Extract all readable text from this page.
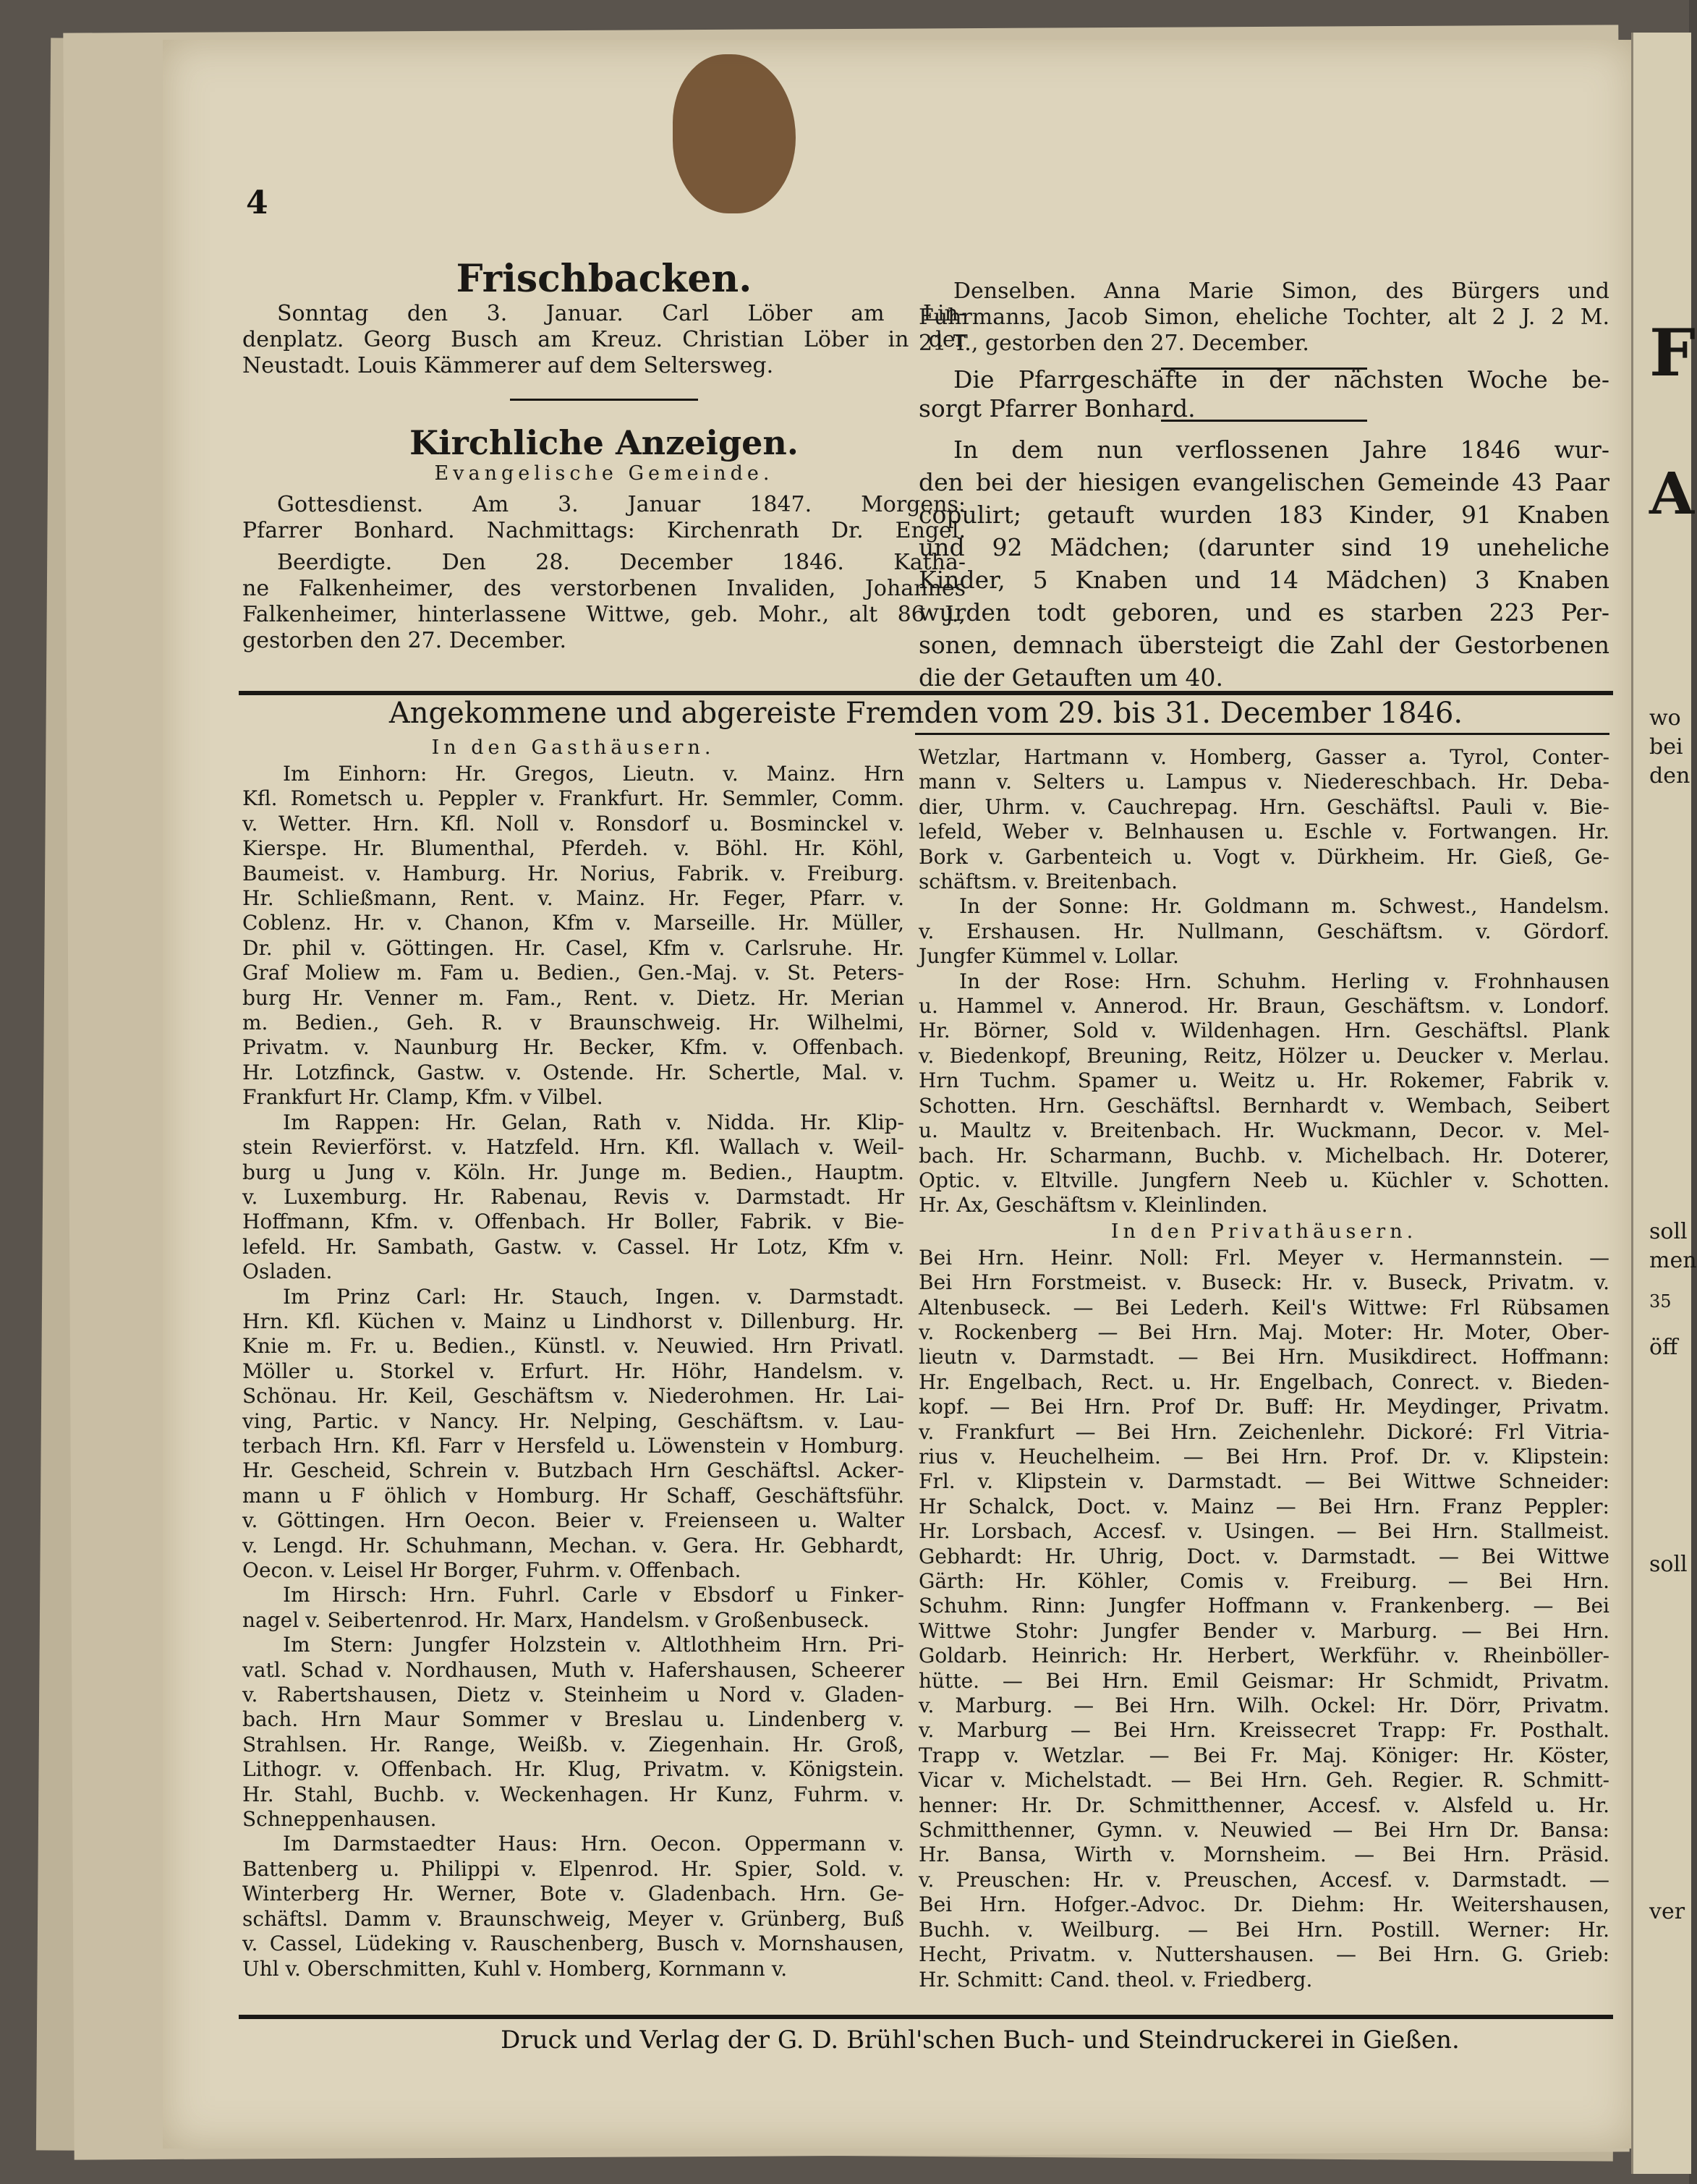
4
Frischbacken.
Sonntag den 3. Januar. Carl Löber am Lin-
denplatz. Georg Busch am Kreuz. Christian Löber in der
Neustadt. Louis Kämmerer auf dem Seltersweg.
Kirchliche Anzeigen.
Evangelische Gemeinde.
Gottesdienst. Am 3. Januar 1847. Morgens:
Pfarrer Bonhard. Nachmittags: Kirchenrath Dr. Engel.
Beerdigte. Den 28. December 1846. Katha-
ne Falkenheimer, des verstorbenen Invaliden, Johannes
Falkenheimer, hinterlassene Wittwe, geb. Mohr., alt 86 J.,
gestorben den 27. December.
Denselben. Anna Marie Simon, des Bürgers und
Fuhrmanns, Jacob Simon, eheliche Tochter, alt 2 J. 2 M.
21 T., gestorben den 27. December.
Die Pfarrgeschäfte in der nächsten Woche be-
sorgt Pfarrer Bonhard.
In dem nun verflossenen Jahre 1846 wur-
den bei der hiesigen evangelischen Gemeinde 43 Paar
copulirt; getauft wurden 183 Kinder, 91 Knaben
und 92 Mädchen; (darunter sind 19 uneheliche
Kinder, 5 Knaben und 14 Mädchen) 3 Knaben
wurden todt geboren, und es starben 223 Per-
sonen, demnach übersteigt die Zahl der Gestorbenen
die der Getauften um 40.
Angekommene und abgereiste Fremden vom 29. bis 31. December 1846.
In den Gasthäusern.
Im Einhorn: Hr. Gregos, Lieutn. v. Mainz. Hrn
Kfl. Rometsch u. Peppler v. Frankfurt. Hr. Semmler, Comm.
v. Wetter. Hrn. Kfl. Noll v. Ronsdorf u. Bosminckel v.
Kierspe. Hr. Blumenthal, Pferdeh. v. Böhl. Hr. Köhl,
Baumeist. v. Hamburg. Hr. Norius, Fabrik. v. Freiburg.
Hr. Schließmann, Rent. v. Mainz. Hr. Feger, Pfarr. v.
Coblenz. Hr. v. Chanon, Kfm v. Marseille. Hr. Müller,
Dr. phil v. Göttingen. Hr. Casel, Kfm v. Carlsruhe. Hr.
Graf Moliew m. Fam u. Bedien., Gen.-Maj. v. St. Peters-
burg Hr. Venner m. Fam., Rent. v. Dietz. Hr. Merian
m. Bedien., Geh. R. v Braunschweig. Hr. Wilhelmi,
Privatm. v. Naunburg Hr. Becker, Kfm. v. Offenbach.
Hr. Lotzfinck, Gastw. v. Ostende. Hr. Schertle, Mal. v.
Frankfurt Hr. Clamp, Kfm. v Vilbel.
Im Rappen: Hr. Gelan, Rath v. Nidda. Hr. Klip-
stein Revierförst. v. Hatzfeld. Hrn. Kfl. Wallach v. Weil-
burg u Jung v. Köln. Hr. Junge m. Bedien., Hauptm.
v. Luxemburg. Hr. Rabenau, Revis v. Darmstadt. Hr
Hoffmann, Kfm. v. Offenbach. Hr Boller, Fabrik. v Bie-
lefeld. Hr. Sambath, Gastw. v. Cassel. Hr Lotz, Kfm v.
Osladen.
Im Prinz Carl: Hr. Stauch, Ingen. v. Darmstadt.
Hrn. Kfl. Küchen v. Mainz u Lindhorst v. Dillenburg. Hr.
Knie m. Fr. u. Bedien., Künstl. v. Neuwied. Hrn Privatl.
Möller u. Storkel v. Erfurt. Hr. Höhr, Handelsm. v.
Schönau. Hr. Keil, Geschäftsm v. Niederohmen. Hr. Lai-
ving, Partic. v Nancy. Hr. Nelping, Geschäftsm. v. Lau-
terbach Hrn. Kfl. Farr v Hersfeld u. Löwenstein v Homburg.
Hr. Gescheid, Schrein v. Butzbach Hrn Geschäftsl. Acker-
mann u F öhlich v Homburg. Hr Schaff, Geschäftsführ.
v. Göttingen. Hrn Oecon. Beier v. Freienseen u. Walter
v. Lengd. Hr. Schuhmann, Mechan. v. Gera. Hr. Gebhardt,
Oecon. v. Leisel Hr Borger, Fuhrm. v. Offenbach.
Im Hirsch: Hrn. Fuhrl. Carle v Ebsdorf u Finker-
nagel v. Seibertenrod. Hr. Marx, Handelsm. v Großenbuseck.
Im Stern: Jungfer Holzstein v. Altlothheim Hrn. Pri-
vatl. Schad v. Nordhausen, Muth v. Hafershausen, Scheerer
v. Rabertshausen, Dietz v. Steinheim u Nord v. Gladen-
bach. Hrn Maur Sommer v Breslau u. Lindenberg v.
Strahlsen. Hr. Range, Weißb. v. Ziegenhain. Hr. Groß,
Lithogr. v. Offenbach. Hr. Klug, Privatm. v. Königstein.
Hr. Stahl, Buchb. v. Weckenhagen. Hr Kunz, Fuhrm. v.
Schneppenhausen.
Im Darmstaedter Haus: Hrn. Oecon. Oppermann v.
Battenberg u. Philippi v. Elpenrod. Hr. Spier, Sold. v.
Winterberg Hr. Werner, Bote v. Gladenbach. Hrn. Ge-
schäftsl. Damm v. Braunschweig, Meyer v. Grünberg, Buß
v. Cassel, Lüdeking v. Rauschenberg, Busch v. Mornshausen,
Uhl v. Oberschmitten, Kuhl v. Homberg, Kornmann v.
Wetzlar, Hartmann v. Homberg, Gasser a. Tyrol, Conter-
mann v. Selters u. Lampus v. Niedereschbach. Hr. Deba-
dier, Uhrm. v. Cauchrepag. Hrn. Geschäftsl. Pauli v. Bie-
lefeld, Weber v. Belnhausen u. Eschle v. Fortwangen. Hr.
Bork v. Garbenteich u. Vogt v. Dürkheim. Hr. Gieß, Ge-
schäftsm. v. Breitenbach.
In der Sonne: Hr. Goldmann m. Schwest., Handelsm.
v. Ershausen. Hr. Nullmann, Geschäftsm. v. Gördorf.
Jungfer Kümmel v. Lollar.
In der Rose: Hrn. Schuhm. Herling v. Frohnhausen
u. Hammel v. Annerod. Hr. Braun, Geschäftsm. v. Londorf.
Hr. Börner, Sold v. Wildenhagen. Hrn. Geschäftsl. Plank
v. Biedenkopf, Breuning, Reitz, Hölzer u. Deucker v. Merlau.
Hrn Tuchm. Spamer u. Weitz u. Hr. Rokemer, Fabrik v.
Schotten. Hrn. Geschäftsl. Bernhardt v. Wembach, Seibert
u. Maultz v. Breitenbach. Hr. Wuckmann, Decor. v. Mel-
bach. Hr. Scharmann, Buchb. v. Michelbach. Hr. Doterer,
Optic. v. Eltville. Jungfern Neeb u. Küchler v. Schotten.
Hr. Ax, Geschäftsm v. Kleinlinden.
In den Privathäusern.
Bei Hrn. Heinr. Noll: Frl. Meyer v. Hermannstein. —
Bei Hrn Forstmeist. v. Buseck: Hr. v. Buseck, Privatm. v.
Altenbuseck. — Bei Lederh. Keil's Wittwe: Frl Rübsamen
v. Rockenberg — Bei Hrn. Maj. Moter: Hr. Moter, Ober-
lieutn v. Darmstadt. — Bei Hrn. Musikdirect. Hoffmann:
Hr. Engelbach, Rect. u. Hr. Engelbach, Conrect. v. Bieden-
kopf. — Bei Hrn. Prof Dr. Buff: Hr. Meydinger, Privatm.
v. Frankfurt — Bei Hrn. Zeichenlehr. Dickoré: Frl Vitria-
rius v. Heuchelheim. — Bei Hrn. Prof. Dr. v. Klipstein:
Frl. v. Klipstein v. Darmstadt. — Bei Wittwe Schneider:
Hr Schalck, Doct. v. Mainz — Bei Hrn. Franz Peppler:
Hr. Lorsbach, Accesf. v. Usingen. — Bei Hrn. Stallmeist.
Gebhardt: Hr. Uhrig, Doct. v. Darmstadt. — Bei Wittwe
Gärth: Hr. Köhler, Comis v. Freiburg. — Bei Hrn.
Schuhm. Rinn: Jungfer Hoffmann v. Frankenberg. — Bei
Wittwe Stohr: Jungfer Bender v. Marburg. — Bei Hrn.
Goldarb. Heinrich: Hr. Herbert, Werkführ. v. Rheinböller-
hütte. — Bei Hrn. Emil Geismar: Hr Schmidt, Privatm.
v. Marburg. — Bei Hrn. Wilh. Ockel: Hr. Dörr, Privatm.
v. Marburg — Bei Hrn. Kreissecret Trapp: Fr. Posthalt.
Trapp v. Wetzlar. — Bei Fr. Maj. Königer: Hr. Köster,
Vicar v. Michelstadt. — Bei Hrn. Geh. Regier. R. Schmitt-
henner: Hr. Dr. Schmitthenner, Accesf. v. Alsfeld u. Hr.
Schmitthenner, Gymn. v. Neuwied — Bei Hrn Dr. Bansa:
Hr. Bansa, Wirth v. Mornsheim. — Bei Hrn. Präsid.
v. Preuschen: Hr. v. Preuschen, Accesf. v. Darmstadt. —
Bei Hrn. Hofger.-Advoc. Dr. Diehm: Hr. Weitershausen,
Buchh. v. Weilburg. — Bei Hrn. Postill. Werner: Hr.
Hecht, Privatm. v. Nuttershausen. — Bei Hrn. G. Grieb:
Hr. Schmitt: Cand. theol. v. Friedberg.
Druck und Verlag der G. D. Brühl'schen Buch- und Steindruckerei in Gießen.
F
A
wo
bei
den
soll
men
35
öff
soll
ver
